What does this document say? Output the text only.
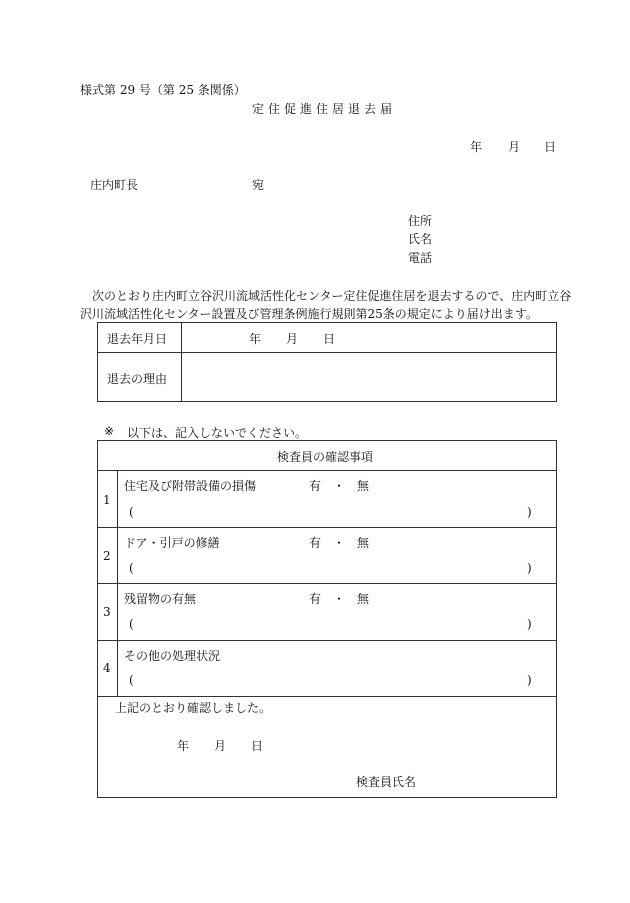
様式第 29 号（第 25 条関係）
定住促進住居退去届
年 月 日
庄内町長	宛
住所
氏名
電話
次のとおり庄内町立谷沢川流域活性化センター定住促進住居を退去するので、庄内町立谷沢川流域活性化センター設置及び管理条例施行規則第25条の規定により届け出ます。
退去年月日	年 月 日
退去の理由
※ 以下は、記入しないでください。
検査員の確認事項
1
住宅及び附帯設備の損傷	有 ・ 無
(	)
2
ドア・引戸の修繕	有 ・ 無
(	)
3
残留物の有無	有 ・ 無
(	)
4
その他の処理状況
(	)
上記のとおり確認しました。
年 月 日
検査員氏名
